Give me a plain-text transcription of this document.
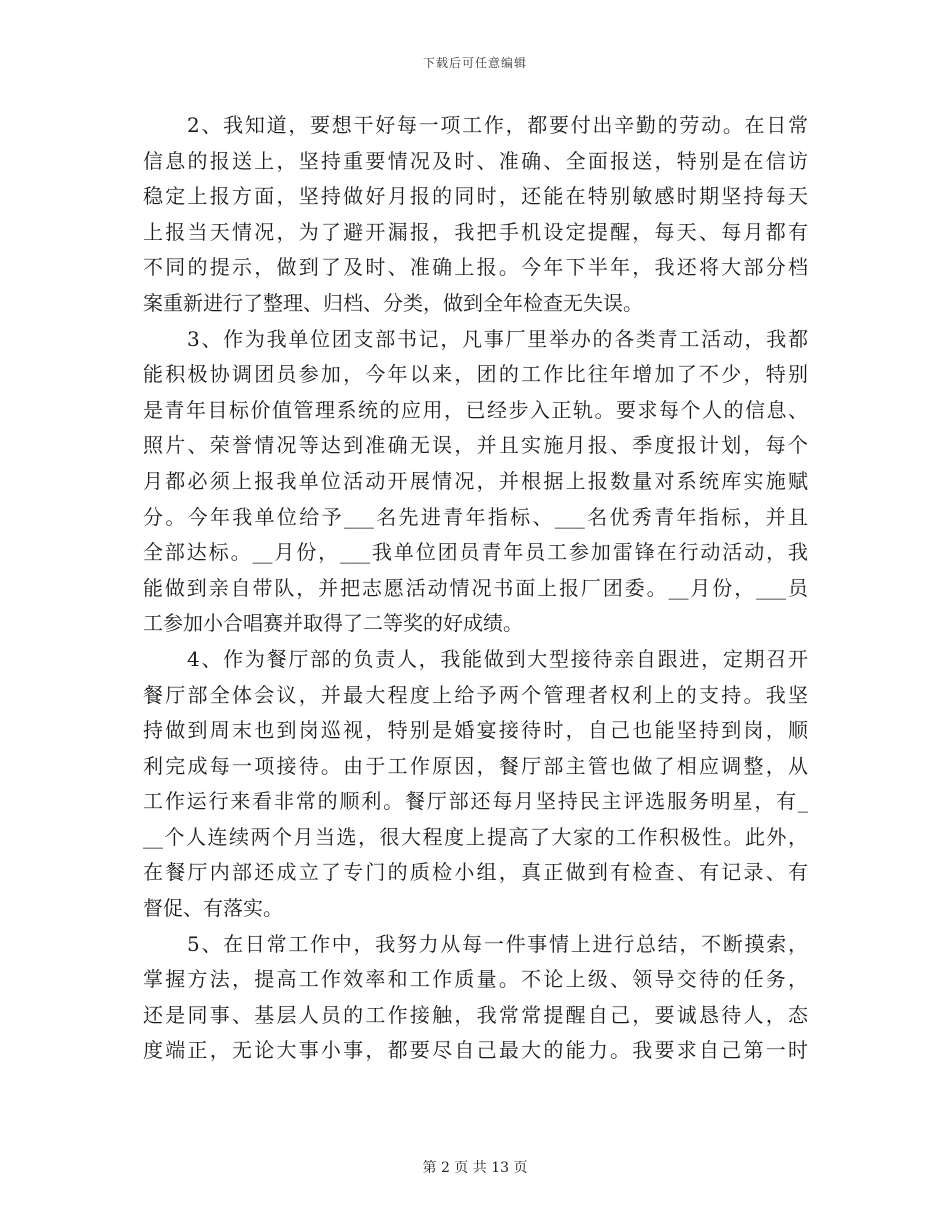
下载后可任意编辑
2、我知道，要想干好每一项工作，都要付出辛勤的劳动。在日常
信息的报送上，坚持重要情况及时、准确、全面报送，特别是在信访
稳定上报方面，坚持做好月报的同时，还能在特别敏感时期坚持每天
上报当天情况，为了避开漏报，我把手机设定提醒，每天、每月都有
不同的提示，做到了及时、准确上报。今年下半年，我还将大部分档
案重新进行了整理、归档、分类，做到全年检查无失误。
3、作为我单位团支部书记，凡事厂里举办的各类青工活动，我都
能积极协调团员参加，今年以来，团的工作比往年增加了不少，特别
是青年目标价值管理系统的应用，已经步入正轨。要求每个人的信息、
照片、荣誉情况等达到准确无误，并且实施月报、季度报计划，每个
月都必须上报我单位活动开展情况，并根据上报数量对系统库实施赋
分。今年我单位给予___名先进青年指标、___名优秀青年指标，并且
全部达标。__月份，___我单位团员青年员工参加雷锋在行动活动，我
能做到亲自带队，并把志愿活动情况书面上报厂团委。__月份，___员
工参加小合唱赛并取得了二等奖的好成绩。
4、作为餐厅部的负责人，我能做到大型接待亲自跟进，定期召开
餐厅部全体会议，并最大程度上给予两个管理者权利上的支持。我坚
持做到周末也到岗巡视，特别是婚宴接待时，自己也能坚持到岗，顺
利完成每一项接待。由于工作原因，餐厅部主管也做了相应调整，从
工作运行来看非常的顺利。餐厅部还每月坚持民主评选服务明星，有_
__个人连续两个月当选，很大程度上提高了大家的工作积极性。此外，
在餐厅内部还成立了专门的质检小组，真正做到有检查、有记录、有
督促、有落实。
5、在日常工作中，我努力从每一件事情上进行总结，不断摸索，
掌握方法，提高工作效率和工作质量。不论上级、领导交待的任务，
还是同事、基层人员的工作接触，我常常提醒自己，要诚恳待人，态
度端正，无论大事小事，都要尽自己最大的能力。我要求自己第一时
第 2 页 共 13 页
